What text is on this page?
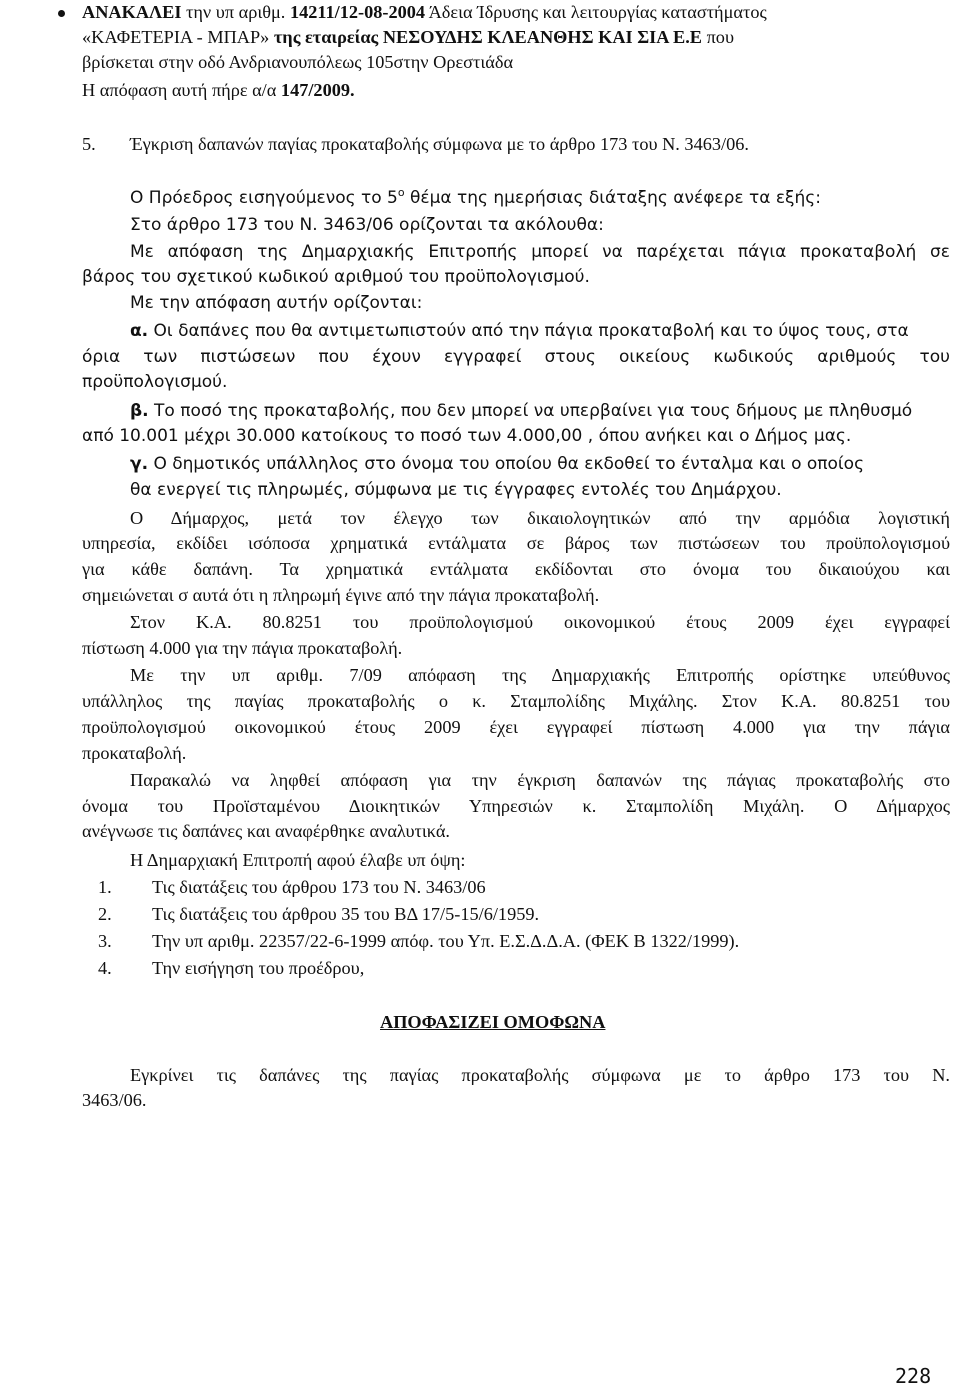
ΑΝΑΚΑΛΕΙ την υπ αριθμ. 14211/12-08-2004 Άδεια Ίδρυσης και λειτουργίας καταστήματος
«ΚΑΦΕΤΕΡΙΑ - ΜΠΑΡ» της εταιρείας ΝΕΣΟΥΔΗΣ ΚΛΕΑΝΘΗΣ ΚΑΙ ΣΙΑ Ε.Ε που
βρίσκεται στην οδό Ανδριανουπόλεως 105στην Ορεστιάδα
Η απόφαση αυτή πήρε α/α 147/2009.
5. Έγκριση δαπανών παγίας προκαταβολής σύμφωνα με το άρθρο 173 του Ν. 3463/06.
Ο Πρόεδρος εισηγούμενος το $5^o$ θέμα της ημερήσιας διάταξης ανέφερε τα εξής:
Στο άρθρο 173 του Ν. 3463/06 ορίζονται τα ακόλουθα:
Με απόφαση της Δημαρχιακής Επιτροπής μπορεί να παρέχεται πάγια προκαταβολή σε
βάρος του σχετικού κωδικού αριθμού του προϋπολογισμού.
Με την απόφαση αυτήν ορίζονται:
α. Οι δαπάνες που θα αντιμετωπιστούν από την πάγια προκαταβολή και το ύψος τους, στα
όρια των πιστώσεων που έχουν εγγραφεί στους οικείους κωδικούς αριθμούς του
προϋπολογισμού.
β. Το ποσό της προκαταβολής, που δεν μπορεί να υπερβαίνει για τους δήμους με πληθυσμό
από 10.001 μέχρι 30.000 κατοίκους το ποσό των 4.000,00 , όπου ανήκει και ο Δήμος μας.
γ. Ο δημοτικός υπάλληλος στο όνομα του οποίου θα εκδοθεί το ένταλμα και ο οποίος
θα ενεργεί τις πληρωμές, σύμφωνα με τις έγγραφες εντολές του Δημάρχου.
Ο Δήμαρχος, μετά τον έλεγχο των δικαιολογητικών από την αρμόδια λογιστική
υπηρεσία, εκδίδει ισόποσα χρηματικά εντάλματα σε βάρος των πιστώσεων του προϋπολογισμού
για κάθε δαπάνη. Τα χρηματικά εντάλματα εκδίδονται στο όνομα του δικαιούχου και
σημειώνεται σ αυτά ότι η πληρωμή έγινε από την πάγια προκαταβολή.
Στον Κ.Α. 80.8251 του προϋπολογισμού οικονομικού έτους 2009 έχει εγγραφεί
πίστωση 4.000 για την πάγια προκαταβολή.
Με την υπ αριθμ. 7/09 απόφαση της Δημαρχιακής Επιτροπής ορίστηκε υπεύθυνος
υπάλληλος της παγίας προκαταβολής ο κ. Σταμπολίδης Μιχάλης. Στον Κ.Α. 80.8251 του
προϋπολογισμού οικονομικού έτους 2009 έχει εγγραφεί πίστωση 4.000 για την πάγια
προκαταβολή.
Παρακαλώ να ληφθεί απόφαση για την έγκριση δαπανών της πάγιας προκαταβολής στο
όνομα του Προϊσταμένου Διοικητικών Υπηρεσιών κ. Σταμπολίδη Μιχάλη. Ο Δήμαρχος
ανέγνωσε τις δαπάνες και αναφέρθηκε αναλυτικά.
Η Δημαρχιακή Επιτροπή αφού έλαβε υπ όψη:
1. Τις διατάξεις του άρθρου 173 του Ν. 3463/06
2. Τις διατάξεις του άρθρου 35 του ΒΔ 17/5-15/6/1959.
3. Την υπ αριθμ. 22357/22-6-1999 απόφ. του Υπ. Ε.Σ.Δ.Δ.Α. (ΦΕΚ Β 1322/1999).
4. Την εισήγηση του προέδρου,
ΑΠΟΦΑΣΙΖΕΙ ΟΜΟΦΩΝΑ
Εγκρίνει τις δαπάνες της παγίας προκαταβολής σύμφωνα με το άρθρο 173 του Ν.
3463/06.
228
